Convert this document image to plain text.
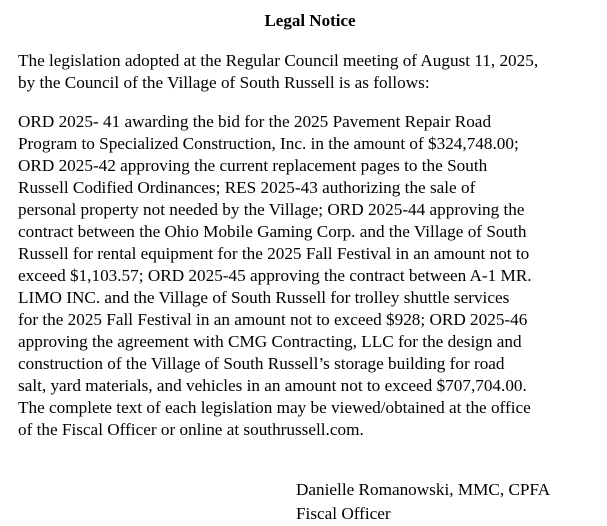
Legal Notice

The legislation adopted at the Regular Council meeting of August 11, 2025,
by the Council of the Village of South Russell is as follows:

ORD 2025- 41 awarding the bid for the 2025 Pavement Repair Road
Program to Specialized Construction, Inc. in the amount of $324,748.00;
ORD 2025-42 approving the current replacement pages to the South
Russell Codified Ordinances; RES 2025-43 authorizing the sale of
personal property not needed by the Village; ORD 2025-44 approving the
contract between the Ohio Mobile Gaming Corp. and the Village of South
Russell for rental equipment for the 2025 Fall Festival in an amount not to
exceed $1,103.57; ORD 2025-45 approving the contract between A-1 MR.
LIMO INC. and the Village of South Russell for trolley shuttle services
for the 2025 Fall Festival in an amount not to exceed $928; ORD 2025-46
approving the agreement with CMG Contracting, LLC for the design and
construction of the Village of South Russell’s storage building for road
salt, yard materials, and vehicles in an amount not to exceed $707,704.00.
The complete text of each legislation may be viewed/obtained at the office
of the Fiscal Officer or online at southrussell.com.

Danielle Romanowski, MMC, CPFA
Fiscal Officer
